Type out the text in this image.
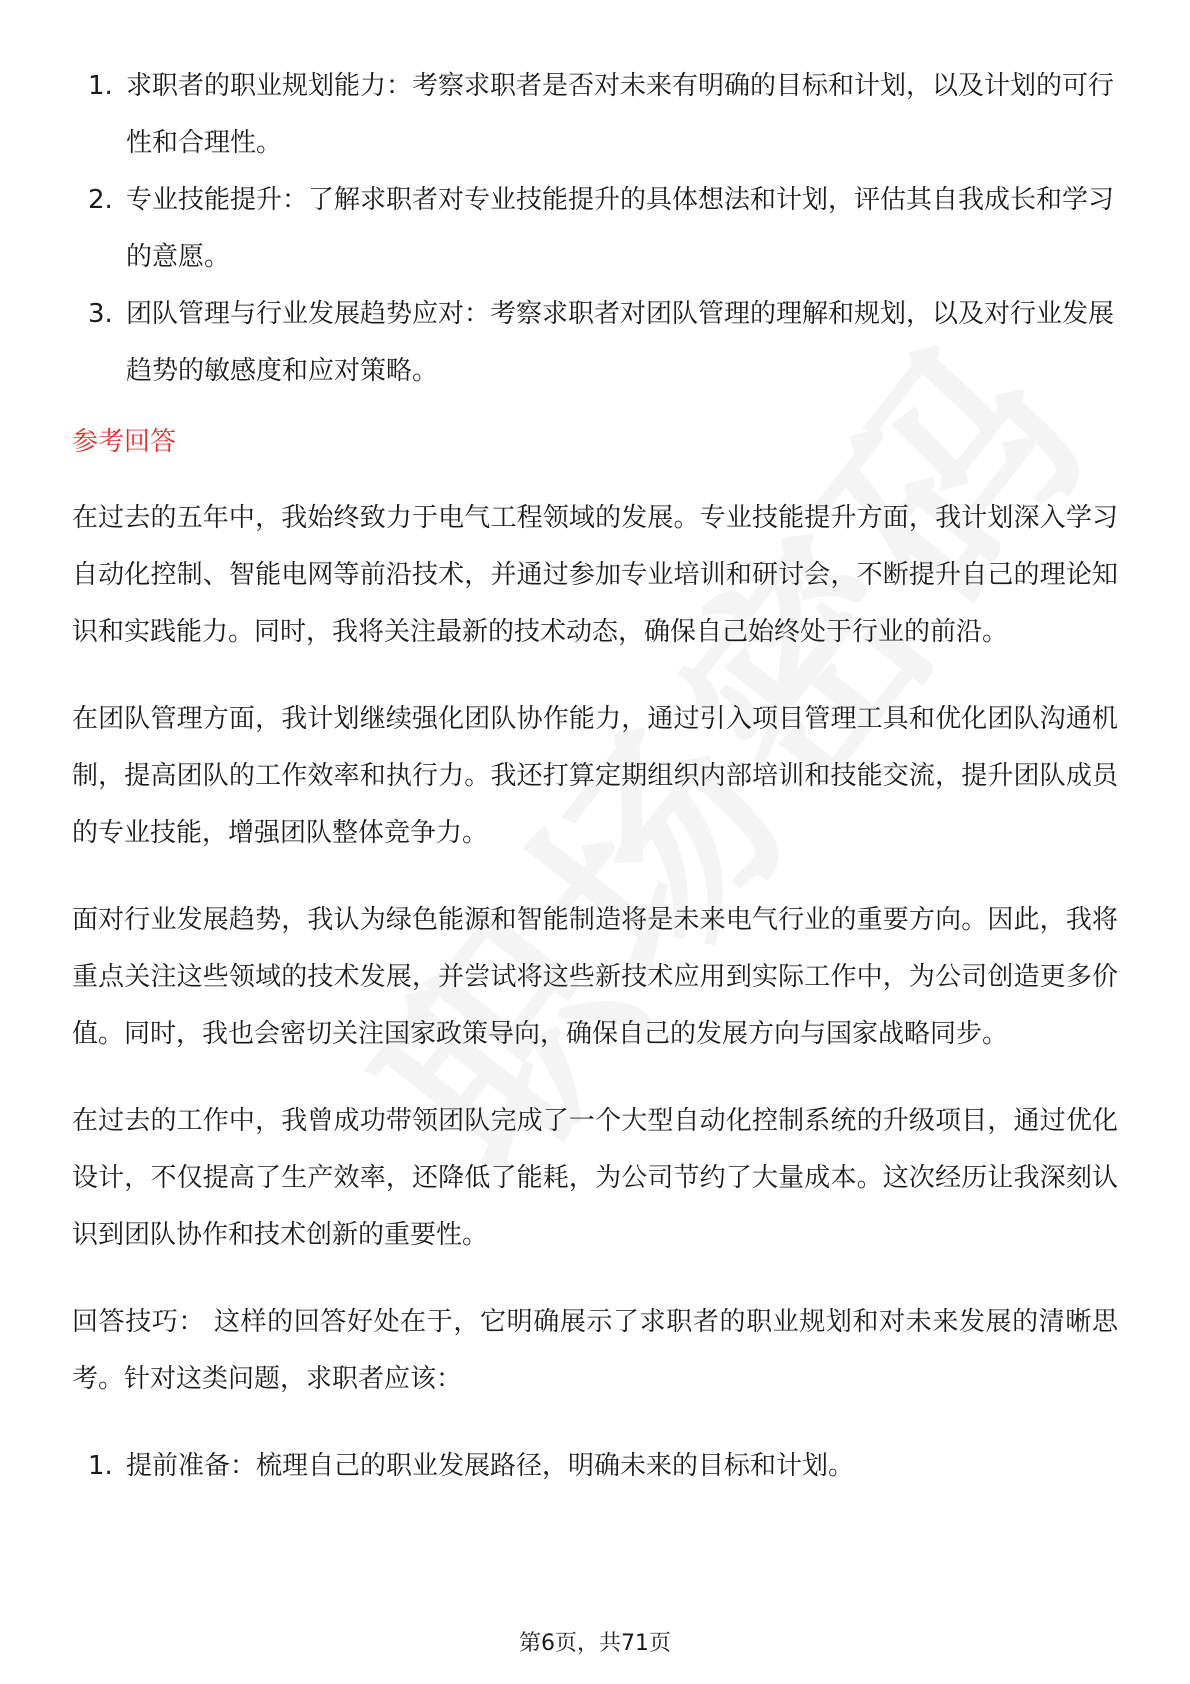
1. 求职者的职业规划能力：考察求职者是否对未来有明确的目标和计划，以及计划的可行性和合理性。
2. 专业技能提升：了解求职者对专业技能提升的具体想法和计划，评估其自我成长和学习的意愿。
3. 团队管理与行业发展趋势应对：考察求职者对团队管理的理解和规划，以及对行业发展趋势的敏感度和应对策略。
参考回答

在过去的五年中，我始终致力于电气工程领域的发展。专业技能提升方面，我计划深入学习自动化控制、智能电网等前沿技术，并通过参加专业培训和研讨会，不断提升自己的理论知识和实践能力。同时，我将关注最新的技术动态，确保自己始终处于行业的前沿。

在团队管理方面，我计划继续强化团队协作能力，通过引入项目管理工具和优化团队沟通机制，提高团队的工作效率和执行力。我还打算定期组织内部培训和技能交流，提升团队成员的专业技能，增强团队整体竞争力。

面对行业发展趋势，我认为绿色能源和智能制造将是未来电气行业的重要方向。因此，我将重点关注这些领域的技术发展，并尝试将这些新技术应用到实际工作中，为公司创造更多价值。同时，我也会密切关注国家政策导向，确保自己的发展方向与国家战略同步。

在过去的工作中，我曾成功带领团队完成了一个大型自动化控制系统的升级项目，通过优化设计，不仅提高了生产效率，还降低了能耗，为公司节约了大量成本。这次经历让我深刻认识到团队协作和技术创新的重要性。

回答技巧： 这样的回答好处在于，它明确展示了求职者的职业规划和对未来发展的清晰思考。针对这类问题，求职者应该：

1. 提前准备：梳理自己的职业发展路径，明确未来的目标和计划。
第6页，共71页
